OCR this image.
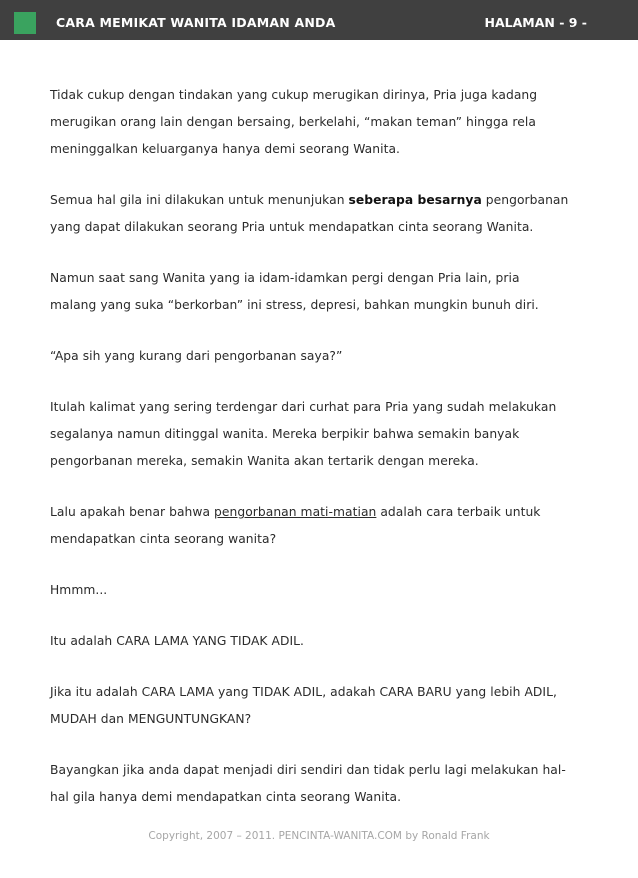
CARA MEMIKAT WANITA IDAMAN ANDA	HALAMAN - 9 -

Tidak cukup dengan tindakan yang cukup merugikan dirinya, Pria juga kadang
merugikan orang lain dengan bersaing, berkelahi, “makan teman” hingga rela
meninggalkan keluarganya hanya demi seorang Wanita.

Semua hal gila ini dilakukan untuk menunjukan seberapa besarnya pengorbanan
yang dapat dilakukan seorang Pria untuk mendapatkan cinta seorang Wanita.

Namun saat sang Wanita yang ia idam-idamkan pergi dengan Pria lain, pria
malang yang suka “berkorban” ini stress, depresi, bahkan mungkin bunuh diri.

“Apa sih yang kurang dari pengorbanan saya?”

Itulah kalimat yang sering terdengar dari curhat para Pria yang sudah melakukan
segalanya namun ditinggal wanita. Mereka berpikir bahwa semakin banyak
pengorbanan mereka, semakin Wanita akan tertarik dengan mereka.

Lalu apakah benar bahwa pengorbanan mati-matian adalah cara terbaik untuk
mendapatkan cinta seorang wanita?

Hmmm...

Itu adalah CARA LAMA YANG TIDAK ADIL.

Jika itu adalah CARA LAMA yang TIDAK ADIL, adakah CARA BARU yang lebih ADIL,
MUDAH dan MENGUNTUNGKAN?

Bayangkan jika anda dapat menjadi diri sendiri dan tidak perlu lagi melakukan hal-
hal gila hanya demi mendapatkan cinta seorang Wanita.

Copyright, 2007 – 2011. PENCINTA-WANITA.COM by Ronald Frank
